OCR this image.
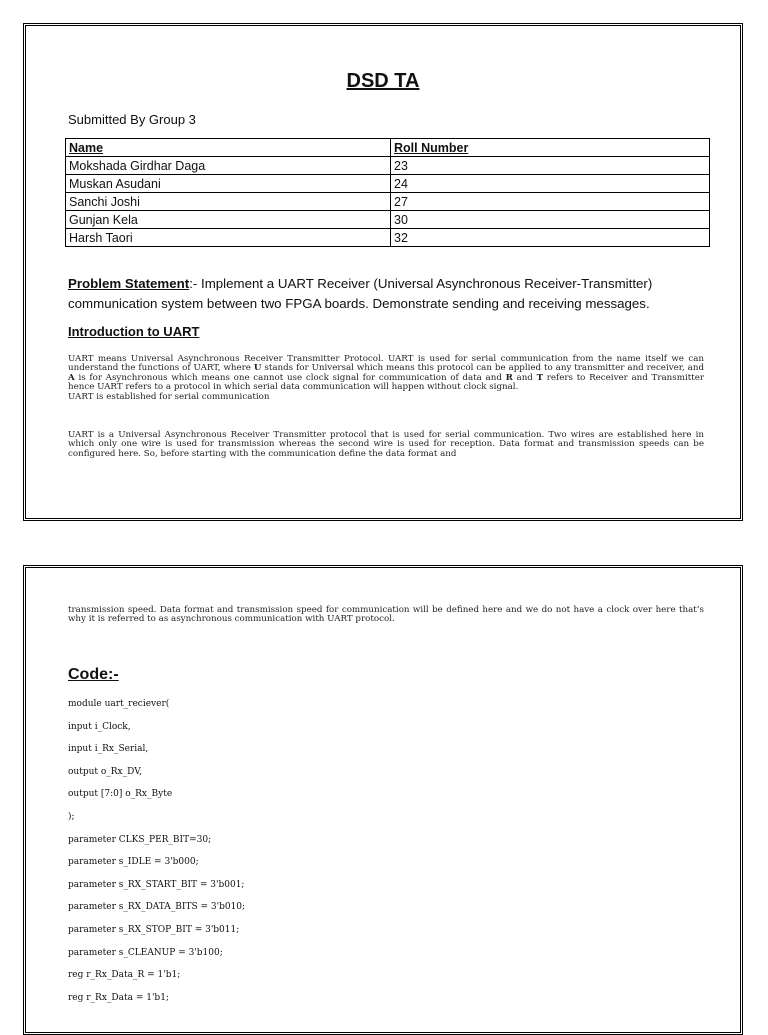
DSD TA
Submitted By Group 3
Name	Roll Number
Mokshada Girdhar Daga	23
Muskan Asudani	24
Sanchi Joshi	27
Gunjan Kela	30
Harsh Taori	32
Problem Statement:- Implement a UART Receiver (Universal Asynchronous Receiver-Transmitter) communication system between two FPGA boards. Demonstrate sending and receiving messages.
Introduction to UART
UART means Universal Asynchronous Receiver Transmitter Protocol. UART is used for serial communication from the name itself we can understand the functions of UART, where U stands for Universal which means this protocol can be applied to any transmitter and receiver, and A is for Asynchronous which means one cannot use clock signal for communication of data and R and T refers to Receiver and Transmitter hence UART refers to a protocol in which serial data communication will happen without clock signal.
UART is established for serial communication
UART is a Universal Asynchronous Receiver Transmitter protocol that is used for serial communication. Two wires are established here in which only one wire is used for transmission whereas the second wire is used for reception. Data format and transmission speeds can be configured here. So, before starting with the communication define the data format and
transmission speed. Data format and transmission speed for communication will be defined here and we do not have a clock over here that’s why it is referred to as asynchronous communication with UART protocol.
Code:-
module uart_reciever(
input i_Clock,
input i_Rx_Serial,
output o_Rx_DV,
output [7:0] o_Rx_Byte
);
parameter CLKS_PER_BIT=30;
parameter s_IDLE = 3'b000;
parameter s_RX_START_BIT = 3'b001;
parameter s_RX_DATA_BITS = 3'b010;
parameter s_RX_STOP_BIT = 3'b011;
parameter s_CLEANUP = 3'b100;
reg r_Rx_Data_R = 1'b1;
reg r_Rx_Data = 1'b1;
